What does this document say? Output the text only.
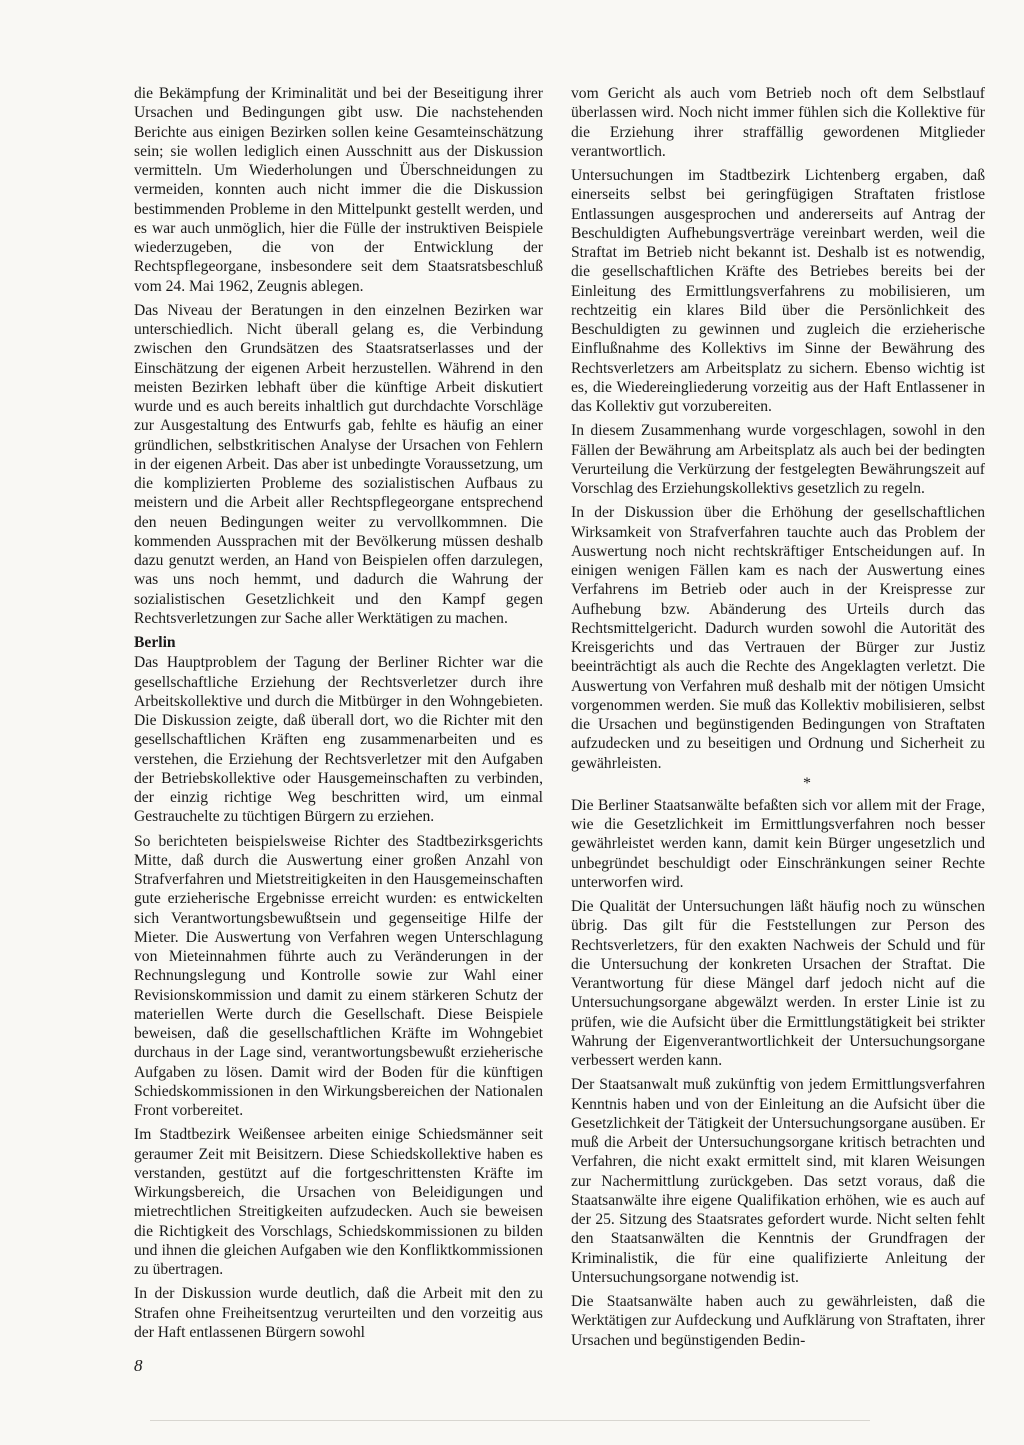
die Bekämpfung der Kriminalität und bei der Beseitigung ihrer Ursachen und Bedingungen gibt usw. Die nachstehenden Berichte aus einigen Bezirken sollen keine Gesamteinschätzung sein; sie wollen lediglich einen Ausschnitt aus der Diskussion vermitteln. Um Wiederholungen und Überschneidungen zu vermeiden, konnten auch nicht immer die die Diskussion bestimmenden Probleme in den Mittelpunkt gestellt werden, und es war auch unmöglich, hier die Fülle der instruktiven Beispiele wiederzugeben, die von der Entwicklung der Rechtspflegeorgane, insbesondere seit dem Staatsratsbeschluß vom 24. Mai 1962, Zeugnis ablegen.

Das Niveau der Beratungen in den einzelnen Bezirken war unterschiedlich. Nicht überall gelang es, die Verbindung zwischen den Grundsätzen des Staatsratserlasses und der Einschätzung der eigenen Arbeit herzustellen. Während in den meisten Bezirken lebhaft über die künftige Arbeit diskutiert wurde und es auch bereits inhaltlich gut durchdachte Vorschläge zur Ausgestaltung des Entwurfs gab, fehlte es häufig an einer gründlichen, selbstkritischen Analyse der Ursachen von Fehlern in der eigenen Arbeit. Das aber ist unbedingte Voraussetzung, um die komplizierten Probleme des sozialistischen Aufbaus zu meistern und die Arbeit aller Rechtspflegeorgane entsprechend den neuen Bedingungen weiter zu vervollkommnen. Die kommenden Aussprachen mit der Bevölkerung müssen deshalb dazu genutzt werden, an Hand von Beispielen offen darzulegen, was uns noch hemmt, und dadurch die Wahrung der sozialistischen Gesetzlichkeit und den Kampf gegen Rechtsverletzungen zur Sache aller Werktätigen zu machen.

Berlin

Das Hauptproblem der Tagung der Berliner Richter war die gesellschaftliche Erziehung der Rechtsverletzer durch ihre Arbeitskollektive und durch die Mitbürger in den Wohngebieten. Die Diskussion zeigte, daß überall dort, wo die Richter mit den gesellschaftlichen Kräften eng zusammenarbeiten und es verstehen, die Erziehung der Rechtsverletzer mit den Aufgaben der Betriebskollektive oder Hausgemeinschaften zu verbinden, der einzig richtige Weg beschritten wird, um einmal Gestrauchelte zu tüchtigen Bürgern zu erziehen.

So berichteten beispielsweise Richter des Stadtbezirksgerichts Mitte, daß durch die Auswertung einer großen Anzahl von Strafverfahren und Mietstreitigkeiten in den Hausgemeinschaften gute erzieherische Ergebnisse erreicht wurden: es entwickelten sich Verantwortungsbewußtsein und gegenseitige Hilfe der Mieter. Die Auswertung von Verfahren wegen Unterschlagung von Mieteinnahmen führte auch zu Veränderungen in der Rechnungslegung und Kontrolle sowie zur Wahl einer Revisionskommission und damit zu einem stärkeren Schutz der materiellen Werte durch die Gesellschaft. Diese Beispiele beweisen, daß die gesellschaftlichen Kräfte im Wohngebiet durchaus in der Lage sind, verantwortungsbewußt erzieherische Aufgaben zu lösen. Damit wird der Boden für die künftigen Schiedskommissionen in den Wirkungsbereichen der Nationalen Front vorbereitet.

Im Stadtbezirk Weißensee arbeiten einige Schiedsmänner seit geraumer Zeit mit Beisitzern. Diese Schiedskollektive haben es verstanden, gestützt auf die fortgeschrittensten Kräfte im Wirkungsbereich, die Ursachen von Beleidigungen und mietrechtlichen Streitigkeiten aufzudecken. Auch sie beweisen die Richtigkeit des Vorschlags, Schiedskommissionen zu bilden und ihnen die gleichen Aufgaben wie den Konfliktkommissionen zu übertragen.

In der Diskussion wurde deutlich, daß die Arbeit mit den zu Strafen ohne Freiheitsentzug verurteilten und den vorzeitig aus der Haft entlassenen Bürgern sowohl

vom Gericht als auch vom Betrieb noch oft dem Selbstlauf überlassen wird. Noch nicht immer fühlen sich die Kollektive für die Erziehung ihrer straffällig gewordenen Mitglieder verantwortlich.

Untersuchungen im Stadtbezirk Lichtenberg ergaben, daß einerseits selbst bei geringfügigen Straftaten fristlose Entlassungen ausgesprochen und andererseits auf Antrag der Beschuldigten Aufhebungsverträge vereinbart werden, weil die Straftat im Betrieb nicht bekannt ist. Deshalb ist es notwendig, die gesellschaftlichen Kräfte des Betriebes bereits bei der Einleitung des Ermittlungsverfahrens zu mobilisieren, um rechtzeitig ein klares Bild über die Persönlichkeit des Beschuldigten zu gewinnen und zugleich die erzieherische Einflußnahme des Kollektivs im Sinne der Bewährung des Rechtsverletzers am Arbeitsplatz zu sichern. Ebenso wichtig ist es, die Wiedereingliederung vorzeitig aus der Haft Entlassener in das Kollektiv gut vorzubereiten.

In diesem Zusammenhang wurde vorgeschlagen, sowohl in den Fällen der Bewährung am Arbeitsplatz als auch bei der bedingten Verurteilung die Verkürzung der festgelegten Bewährungszeit auf Vorschlag des Erziehungskollektivs gesetzlich zu regeln.

In der Diskussion über die Erhöhung der gesellschaftlichen Wirksamkeit von Strafverfahren tauchte auch das Problem der Auswertung noch nicht rechtskräftiger Entscheidungen auf. In einigen wenigen Fällen kam es nach der Auswertung eines Verfahrens im Betrieb oder auch in der Kreispresse zur Aufhebung bzw. Abänderung des Urteils durch das Rechtsmittelgericht. Dadurch wurden sowohl die Autorität des Kreisgerichts und das Vertrauen der Bürger zur Justiz beeinträchtigt als auch die Rechte des Angeklagten verletzt. Die Auswertung von Verfahren muß deshalb mit der nötigen Umsicht vorgenommen werden. Sie muß das Kollektiv mobilisieren, selbst die Ursachen und begünstigenden Bedingungen von Straftaten aufzudecken und zu beseitigen und Ordnung und Sicherheit zu gewährleisten.

*

Die Berliner Staatsanwälte befaßten sich vor allem mit der Frage, wie die Gesetzlichkeit im Ermittlungsverfahren noch besser gewährleistet werden kann, damit kein Bürger ungesetzlich und unbegründet beschuldigt oder Einschränkungen seiner Rechte unterworfen wird.

Die Qualität der Untersuchungen läßt häufig noch zu wünschen übrig. Das gilt für die Feststellungen zur Person des Rechtsverletzers, für den exakten Nachweis der Schuld und für die Untersuchung der konkreten Ursachen der Straftat. Die Verantwortung für diese Mängel darf jedoch nicht auf die Untersuchungsorgane abgewälzt werden. In erster Linie ist zu prüfen, wie die Aufsicht über die Ermittlungstätigkeit bei strikter Wahrung der Eigenverantwortlichkeit der Untersuchungsorgane verbessert werden kann.

Der Staatsanwalt muß zukünftig von jedem Ermittlungsverfahren Kenntnis haben und von der Einleitung an die Aufsicht über die Gesetzlichkeit der Tätigkeit der Untersuchungsorgane ausüben. Er muß die Arbeit der Untersuchungsorgane kritisch betrachten und Verfahren, die nicht exakt ermittelt sind, mit klaren Weisungen zur Nachermittlung zurückgeben. Das setzt voraus, daß die Staatsanwälte ihre eigene Qualifikation erhöhen, wie es auch auf der 25. Sitzung des Staatsrates gefordert wurde. Nicht selten fehlt den Staatsanwälten die Kenntnis der Grundfragen der Kriminalistik, die für eine qualifizierte Anleitung der Untersuchungsorgane notwendig ist.

Die Staatsanwälte haben auch zu gewährleisten, daß die Werktätigen zur Aufdeckung und Aufklärung von Straftaten, ihrer Ursachen und begünstigenden Bedin-

8
